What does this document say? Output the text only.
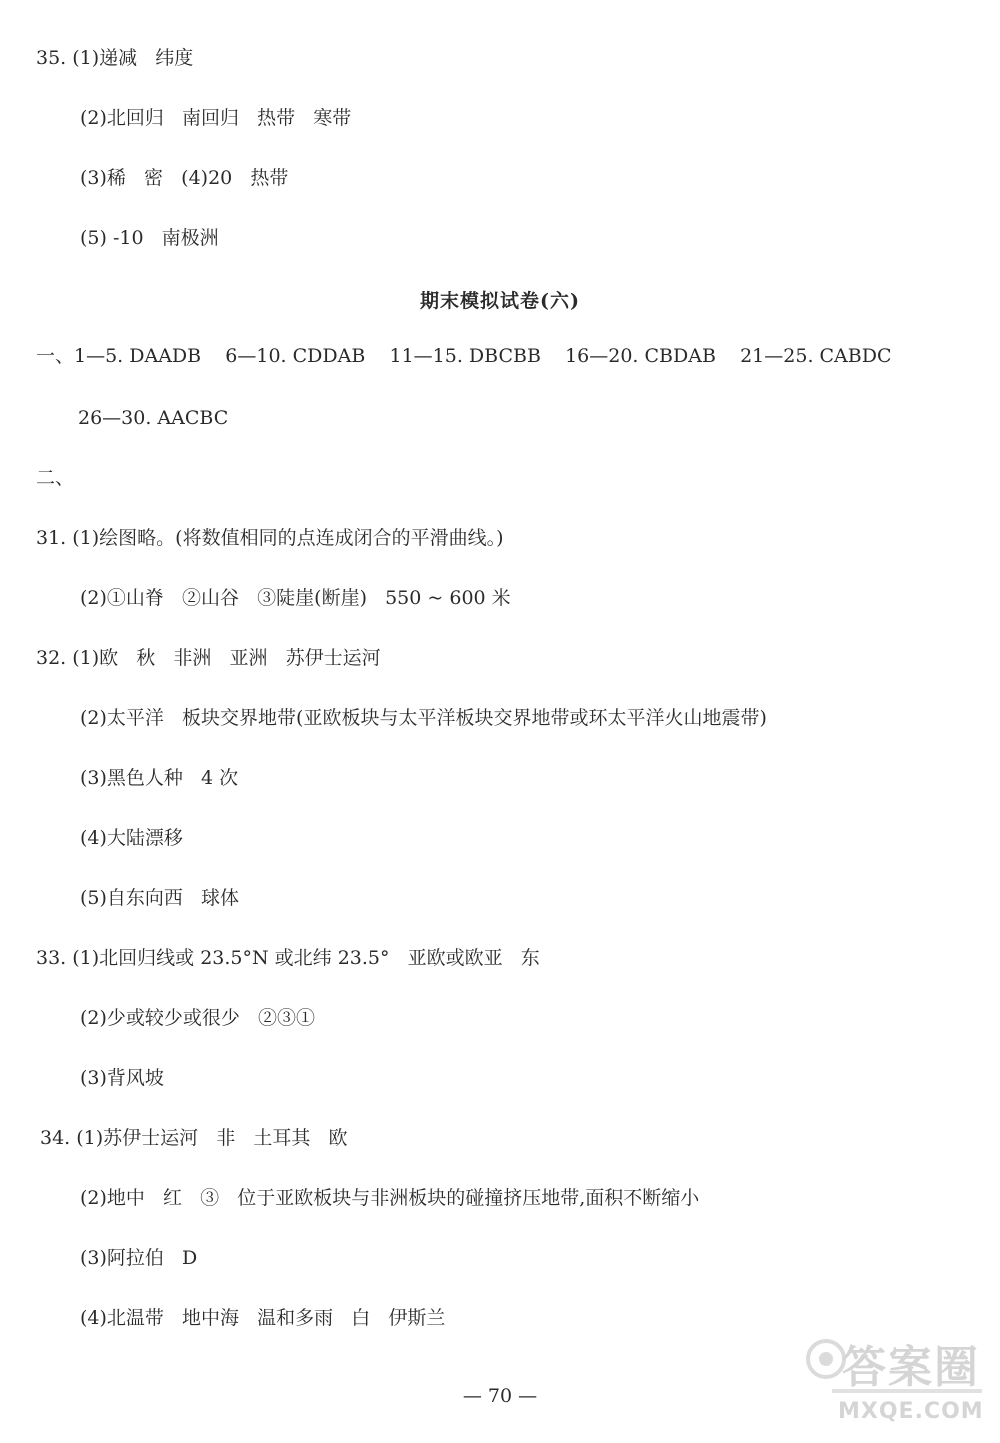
35. (1)递减   纬度
(2)北回归   南回归   热带   寒带
(3)稀   密   (4)20   热带
(5) -10   南极洲
期末模拟试卷(六)
一、1—5. DAADB    6—10. CDDAB    11—15. DBCBB    16—20. CBDAB    21—25. CABDC
26—30. AACBC
二、
31. (1)绘图略。(将数值相同的点连成闭合的平滑曲线。)
(2)①山脊   ②山谷   ③陡崖(断崖)   550 ~ 600 米
32. (1)欧   秋   非洲   亚洲   苏伊士运河
(2)太平洋   板块交界地带(亚欧板块与太平洋板块交界地带或环太平洋火山地震带)
(3)黑色人种   4 次
(4)大陆漂移
(5)自东向西   球体
33. (1)北回归线或 23.5°N 或北纬 23.5°   亚欧或欧亚   东
(2)少或较少或很少   ②③①
(3)背风坡
34. (1)苏伊士运河   非   土耳其   欧
(2)地中   红   ③   位于亚欧板块与非洲板块的碰撞挤压地带,面积不断缩小
(3)阿拉伯   D
(4)北温带   地中海   温和多雨   白   伊斯兰
— 70 —
答案圈
MXQE.COM
